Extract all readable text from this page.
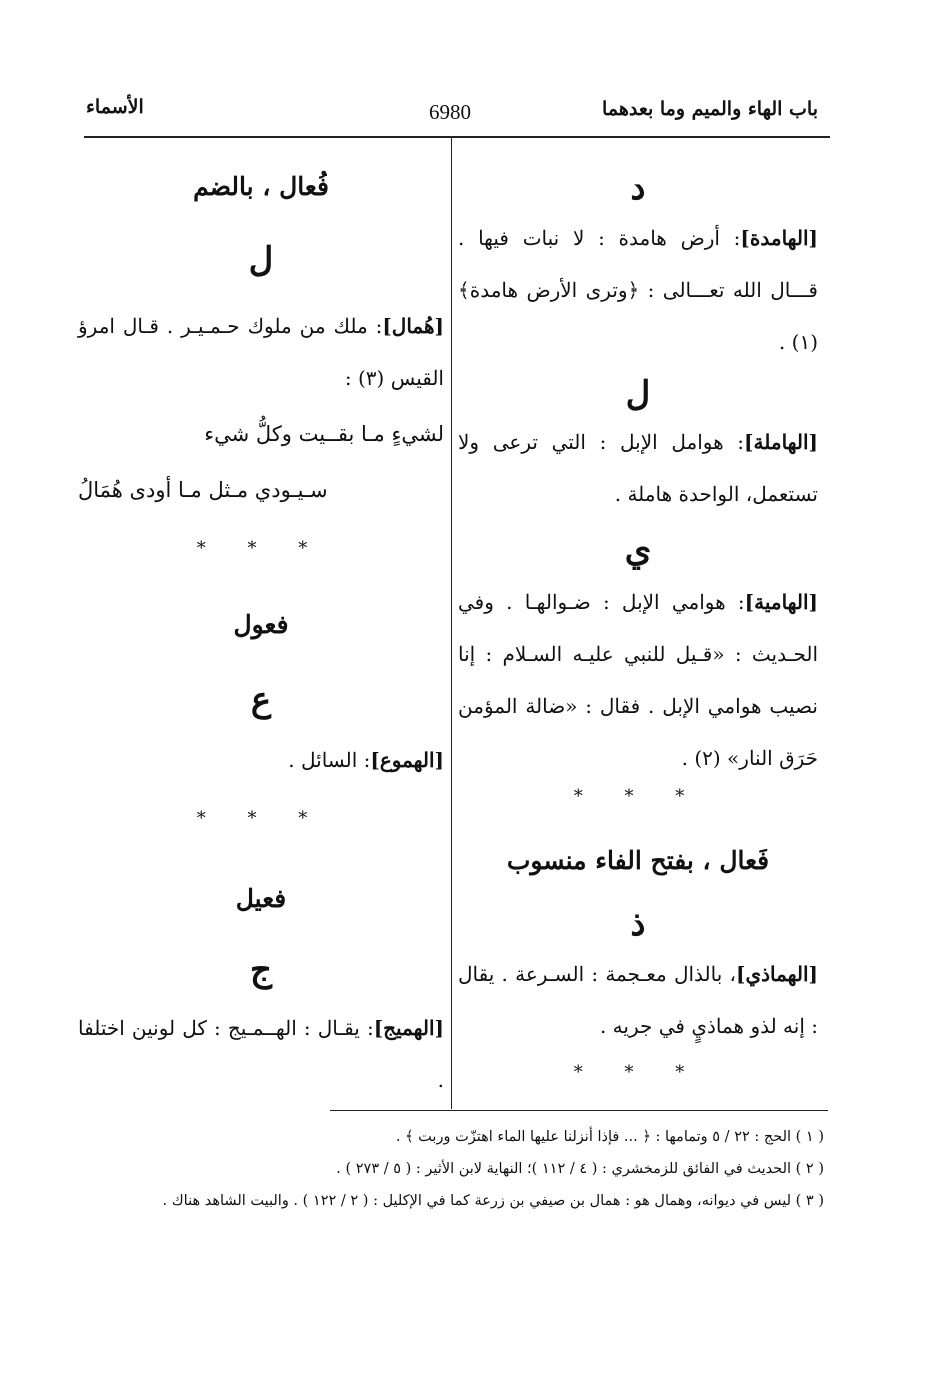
باب الهاء والميم وما بعدهما
6980
الأسماء
د
[الهامدة]: أرض هامدة : لا نبات فيها . قـــال الله تعـــالى : ﴿وترى الأرض هامدة﴾ (١) .
ل
[الهاملة]: هوامل الإبل : التي ترعى ولا تستعمل، الواحدة هاملة .
ي
[الهامية]: هوامي الإبل : ضـوالهـا . وفي الحـديث : «قـيل للنبي عليـه السـلام : إنا نصيب هوامي الإبل . فقال : «ضالة المؤمن حَرَق النار» (٢) .
* * *
فَعال ، بفتح الفاء منسوب
ذ
[الهماذي]، بالذال معـجمة : السـرعة . يقال : إنه لذو هماذيٍ في جريه .
* * *
فُعال ، بالضم
ل
[هُمال]: ملك من ملوك حـمـيـر . قـال امرؤ القيس (٣) :
لشيءٍ مـا بقــيت وكلُّ شيء
سـيـودي مـثل مـا أودى هُمَالُ
* * *
فعول
ع
[الهموع]: السائل .
* * *
فعيل
ج
[الهميج]: يقـال : الهــمـيج : كل لونين اختلفا .
( ١ ) الحج : ٢٢ / ٥ وتمامها : ﴿ ... فإذا أنزلنا عليها الماء اهتزّت وربت ﴾ .
( ٢ ) الحديث في الفائق للزمخشري : ( ٤ / ١١٢ )؛ النهاية لابن الأثير : ( ٥ / ٢٧٣ ) .
( ٣ ) ليس في ديوانه، وهمال هو : همال بن صيفي بن زرعة كما في الإكليل : ( ٢ / ١٢٢ ) . والبيت الشاهد هناك .
